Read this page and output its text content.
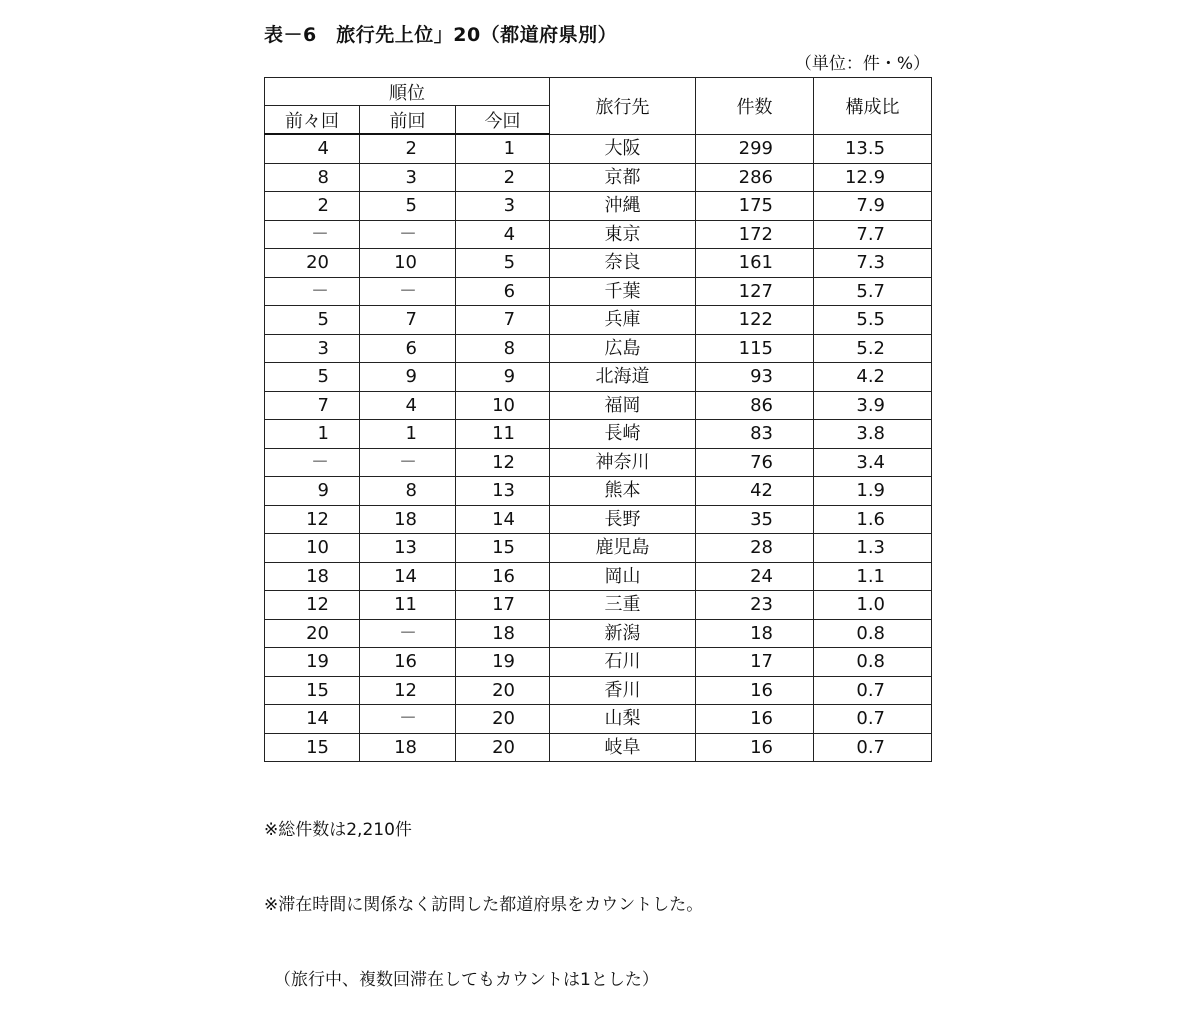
表－6　旅行先上位」20（都道府県別）
（単位：件・%）
順位			旅行先	件数	構成比
前々回	前回	今回			
4	2	1	大阪	299	13.5
8	3	2	京都	286	12.9
2	5	3	沖縄	175	7.9
－	－	4	東京	172	7.7
20	10	5	奈良	161	7.3
－	－	6	千葉	127	5.7
5	7	7	兵庫	122	5.5
3	6	8	広島	115	5.2
5	9	9	北海道	93	4.2
7	4	10	福岡	86	3.9
1	1	11	長崎	83	3.8
－	－	12	神奈川	76	3.4
9	8	13	熊本	42	1.9
12	18	14	長野	35	1.6
10	13	15	鹿児島	28	1.3
18	14	16	岡山	24	1.1
12	11	17	三重	23	1.0
20	－	18	新潟	18	0.8
19	16	19	石川	17	0.8
15	12	20	香川	16	0.7
14	－	20	山梨	16	0.7
15	18	20	岐阜	16	0.7

※総件数は2,210件

※滞在時間に関係なく訪問した都道府県をカウントした。

（旅行中、複数回滞在してもカウントは1とした）
